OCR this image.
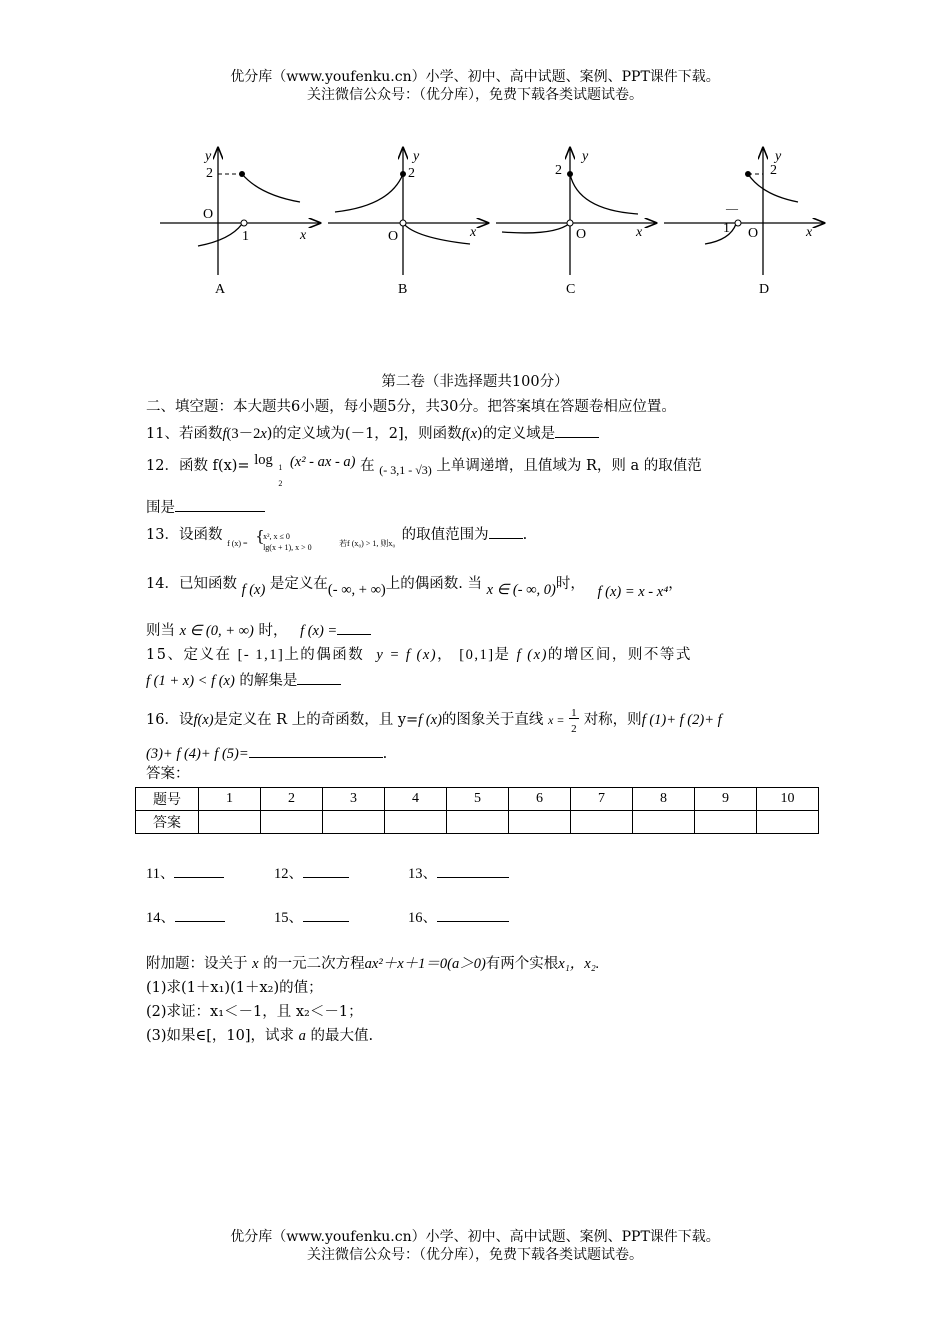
优分库（www.youfenku.cn）小学、初中、高中试题、案例、PPT课件下载。
关注微信公众号：（优分库），免费下载各类试题试卷。
y
2
O
1	x
y
2
O	x
y
2
O	x
y
2
—
1 O	x
A	B	C	D
第二卷（非选择题共100分）
二、填空题：本大题共6小题，每小题5分，共30分。把答案填在答题卷相应位置。
11、若函数f(3－2x)的定义域为(－1，2]，则函数f(x)的定义域是
12．函数 f(x)= log 1
2
(x² - ax - a) 在 $_{(- 3,1 - √3)}$ 上单调递增，且值域为 R，则 a 的取值范
围是
13．设函数
f (x) = {
x², x ≤ 0
lg(x + 1), x > 0	若f (x₀) > 1, 则x₀
的取值范围为 .
14．已知函数 f (x) 是定义在(- ∞, + ∞)上的偶函数. 当 x ∈ (- ∞, 0)时， f (x) = x - x⁴，
则当 x ∈ (0, + ∞) 时， f (x) =
15、定义在 [- 1,1]上的偶函数 y = f (x)， [0,1]是 f (x)的增区间，则不等式
f (1 + x) < f (x) 的解集是
16．设f(x)是定义在 R 上的奇函数，且 y=f (x)的图象关于直线 $x = \frac{1}{2}$ 对称，则f (1)+ f (2)+ f
(3)+ f (4)+ f (5)=	.
答案：
题号	1	2	3	4	5	6	7	8	9	10
答案										
11、	12、	13、
14、	15、	16、
附加题：设关于 x 的一元二次方程ax²＋x＋1＝0(a＞0)有两个实根x₁，x₂.
(1)求(1＋x₁)(1＋x₂)的值；
(2)求证：x₁＜－1，且 x₂＜－1；
(3)如果∈[，10]，试求 a 的最大值.
优分库（www.youfenku.cn）小学、初中、高中试题、案例、PPT课件下载。
关注微信公众号：（优分库），免费下载各类试题试卷。
